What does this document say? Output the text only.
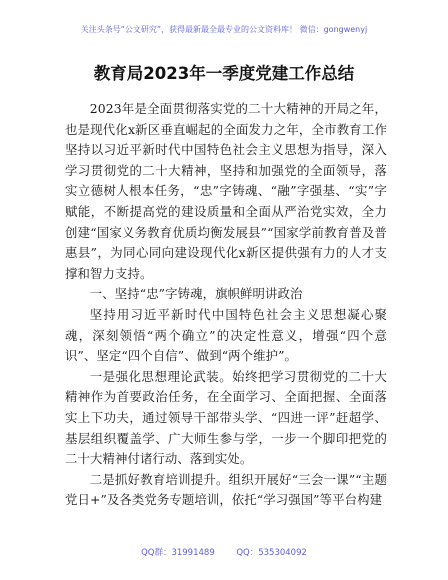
关注头条号“公文研究”，获得最新最全最专业的公文资料库！ 微信：gongwenyj
教育局2023年一季度党建工作总结

2023年是全面贯彻落实党的二十大精神的开局之年，也是现代化x新区垂直崛起的全面发力之年，全市教育工作坚持以习近平新时代中国特色社会主义思想为指导，深入学习贯彻党的二十大精神，坚持和加强党的全面领导，落实立德树人根本任务，“忠”字铸魂、“融”字强基、“实”字赋能，不断提高党的建设质量和全面从严治党实效，全力创建“国家义务教育优质均衡发展县”“国家学前教育普及普惠县”，为同心同向建设现代化x新区提供强有力的人才支撑和智力支持。

一、坚持“忠”字铸魂，旗帜鲜明讲政治

坚持用习近平新时代中国特色社会主义思想凝心聚魂，深刻领悟“两个确立”的决定性意义，增强“四个意识”、坚定“四个自信”、做到“两个维护”。

一是强化思想理论武装。始终把学习贯彻党的二十大精神作为首要政治任务，在全面学习、全面把握、全面落实上下功夫，通过领导干部带头学、“四进一评”赶超学、基层组织覆盖学、广大师生参与学，一步一个脚印把党的二十大精神付诸行动、落到实处。

二是抓好教育培训提升。组织开展好“三会一课”“主题党日+”及各类党务专题培训，依托“学习强国”等平台构建

QQ群：31991489        QQ：535304092
